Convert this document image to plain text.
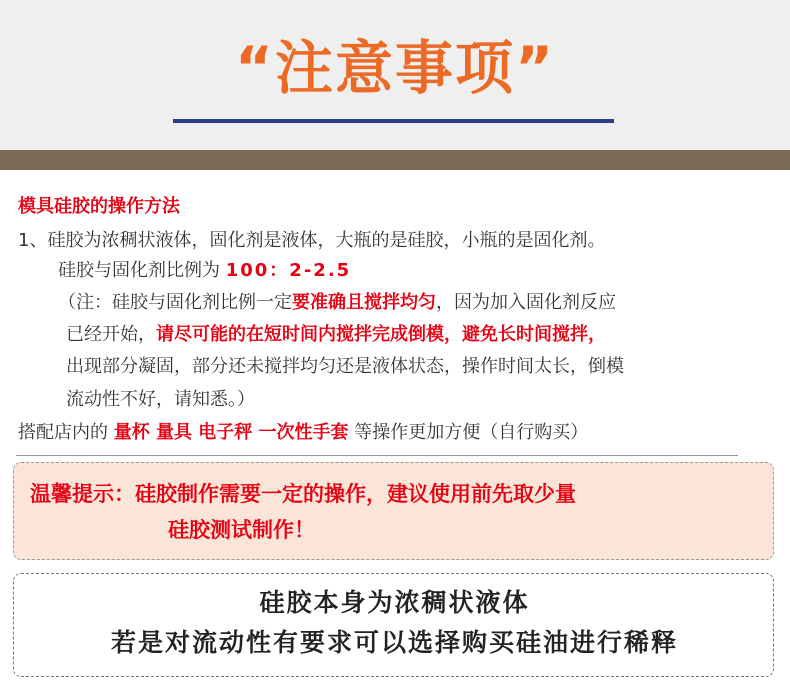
“注意事项”
模具硅胶的操作方法
1、硅胶为浓稠状液体，固化剂是液体，大瓶的是硅胶，小瓶的是固化剂。
硅胶与固化剂比例为 100：2-2.5
（注：硅胶与固化剂比例一定要准确且搅拌均匀，因为加入固化剂反应
已经开始，请尽可能的在短时间内搅拌完成倒模，避免长时间搅拌，
出现部分凝固，部分还未搅拌均匀还是液体状态，操作时间太长，倒模
流动性不好，请知悉。）
搭配店内的 量杯 量具 电子秤 一次性手套 等操作更加方便（自行购买）
温馨提示：硅胶制作需要一定的操作，建议使用前先取少量
硅胶测试制作！
硅胶本身为浓稠状液体
若是对流动性有要求可以选择购买硅油进行稀释
